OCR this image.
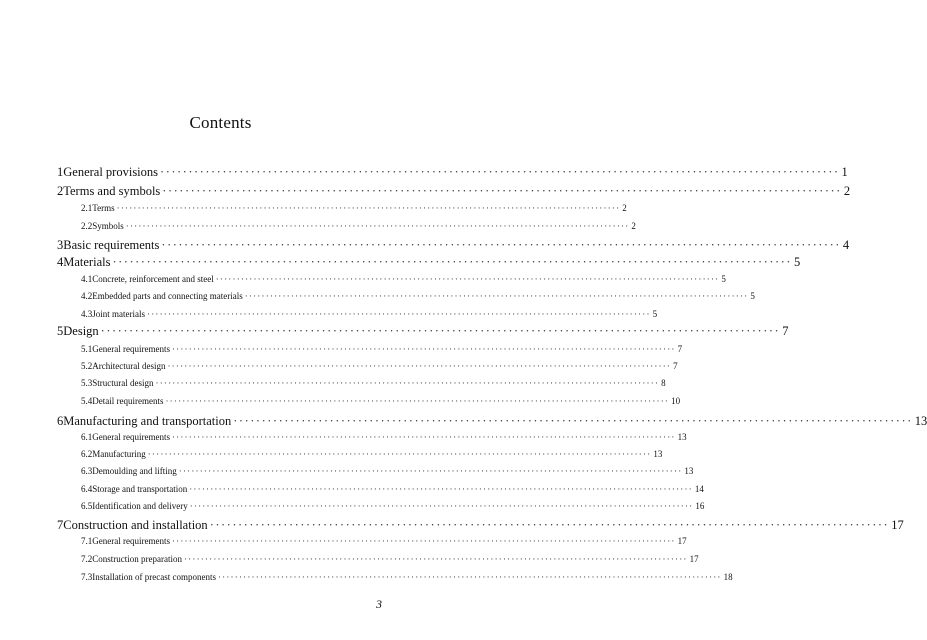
Contents
1 General provisions ························································································································ 1
2 Terms and symbols ························································································································ 2
2.1 Terms ························································································································ 2
2.2 Symbols ························································································································ 2
3 Basic requirements ························································································································ 4
4 Materials ························································································································ 5
4.1 Concrete, reinforcement and steel ························································································································ 5
4.2 Embedded parts and connecting materials ························································································································ 5
4.3 Joint materials ························································································································ 5
5 Design ························································································································ 7
5.1 General requirements ························································································································ 7
5.2 Architectural design ························································································································ 7
5.3 Structural design ························································································································ 8
5.4 Detail requirements ························································································································ 10
6 Manufacturing and transportation ························································································································ 13
6.1 General requirements ························································································································ 13
6.2 Manufacturing ························································································································ 13
6.3 Demoulding and lifting ························································································································ 13
6.4 Storage and transportation ························································································································ 14
6.5 Identification and delivery ························································································································ 16
7 Construction and installation ························································································································ 17
7.1 General requirements ························································································································ 17
7.2 Construction preparation ························································································································ 17
7.3 Installation of precast components ························································································································ 18
3
